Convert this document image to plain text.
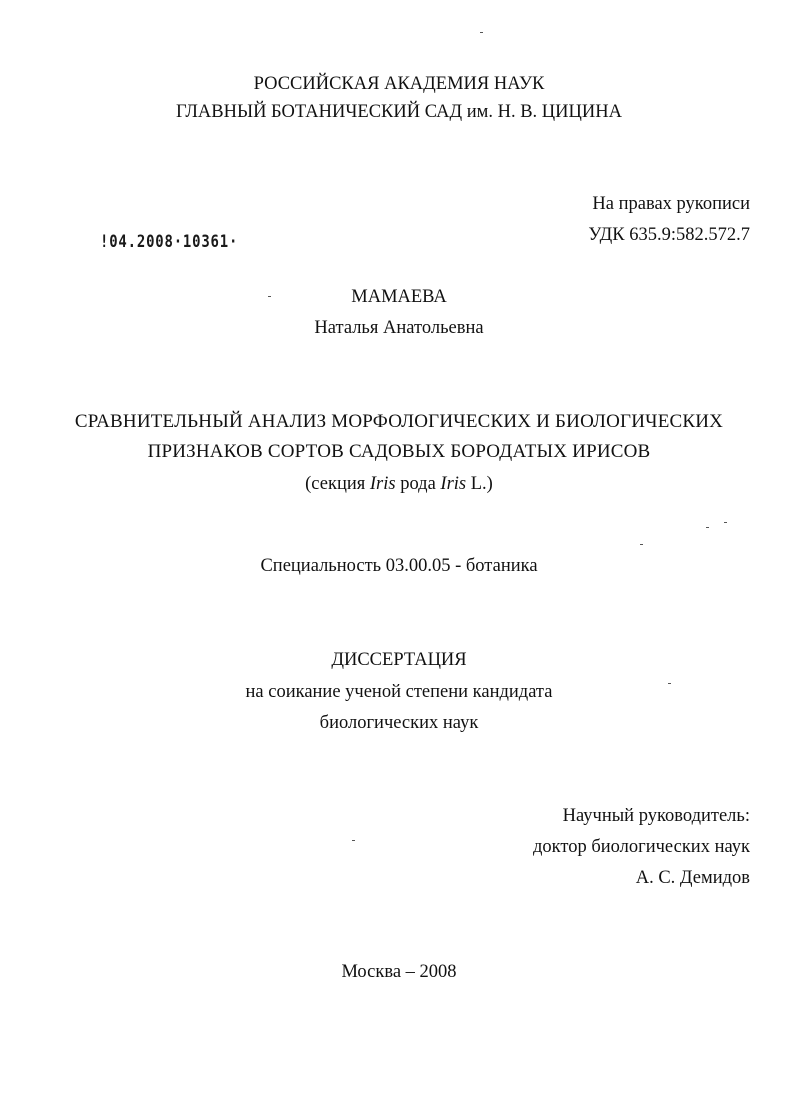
РОССИЙСКАЯ АКАДЕМИЯ НАУК
ГЛАВНЫЙ БОТАНИЧЕСКИЙ САД им. Н. В. ЦИЦИНА
На правах рукописи
УДК 635.9:582.572.7
!04.2008·10361·
МАМАЕВА
Наталья Анатольевна
СРАВНИТЕЛЬНЫЙ АНАЛИЗ МОРФОЛОГИЧЕСКИХ И БИОЛОГИЧЕСКИХ
ПРИЗНАКОВ СОРТОВ САДОВЫХ БОРОДАТЫХ ИРИСОВ
(секция Iris рода Iris L.)
Специальность 03.00.05 - ботаника
ДИССЕРТАЦИЯ
на соикание ученой степени кандидата
биологических наук
Научный руководитель:
доктор биологических наук
А. С. Демидов
Москва – 2008
